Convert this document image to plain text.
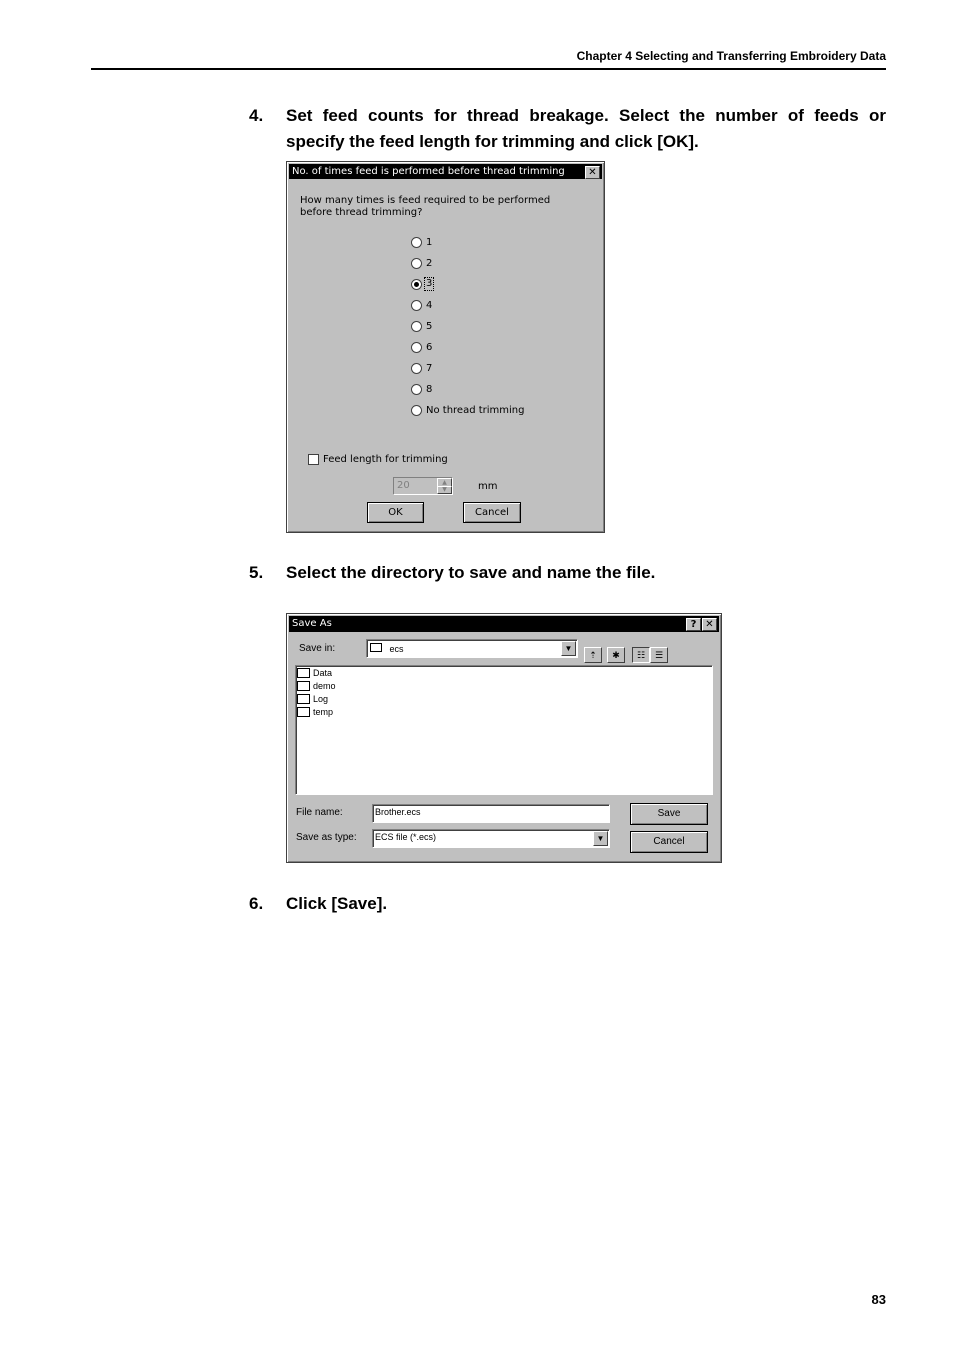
Chapter 4 Selecting and Transferring Embroidery Data
4. Set feed counts for thread breakage. Select the number of feeds or specify the feed length for trimming and click [OK].
No. of times feed is performed before thread trimming	✕
How many times is feed required to be performed before thread trimming?
1
2
3
4
5
6
7
8
No thread trimming
Feed length for trimming
20	▲
▼	mm
OK	Cancel
5. Select the directory to save and name the file.
Save As	? ✕
Save in:	ecs	▼
⇡	✱	☷	☰
Data
demo
Log
temp
File name:	Brother.ecs
Save as type: ECS file (*.ecs)	▼
Save
Cancel
6. Click [Save].
83
